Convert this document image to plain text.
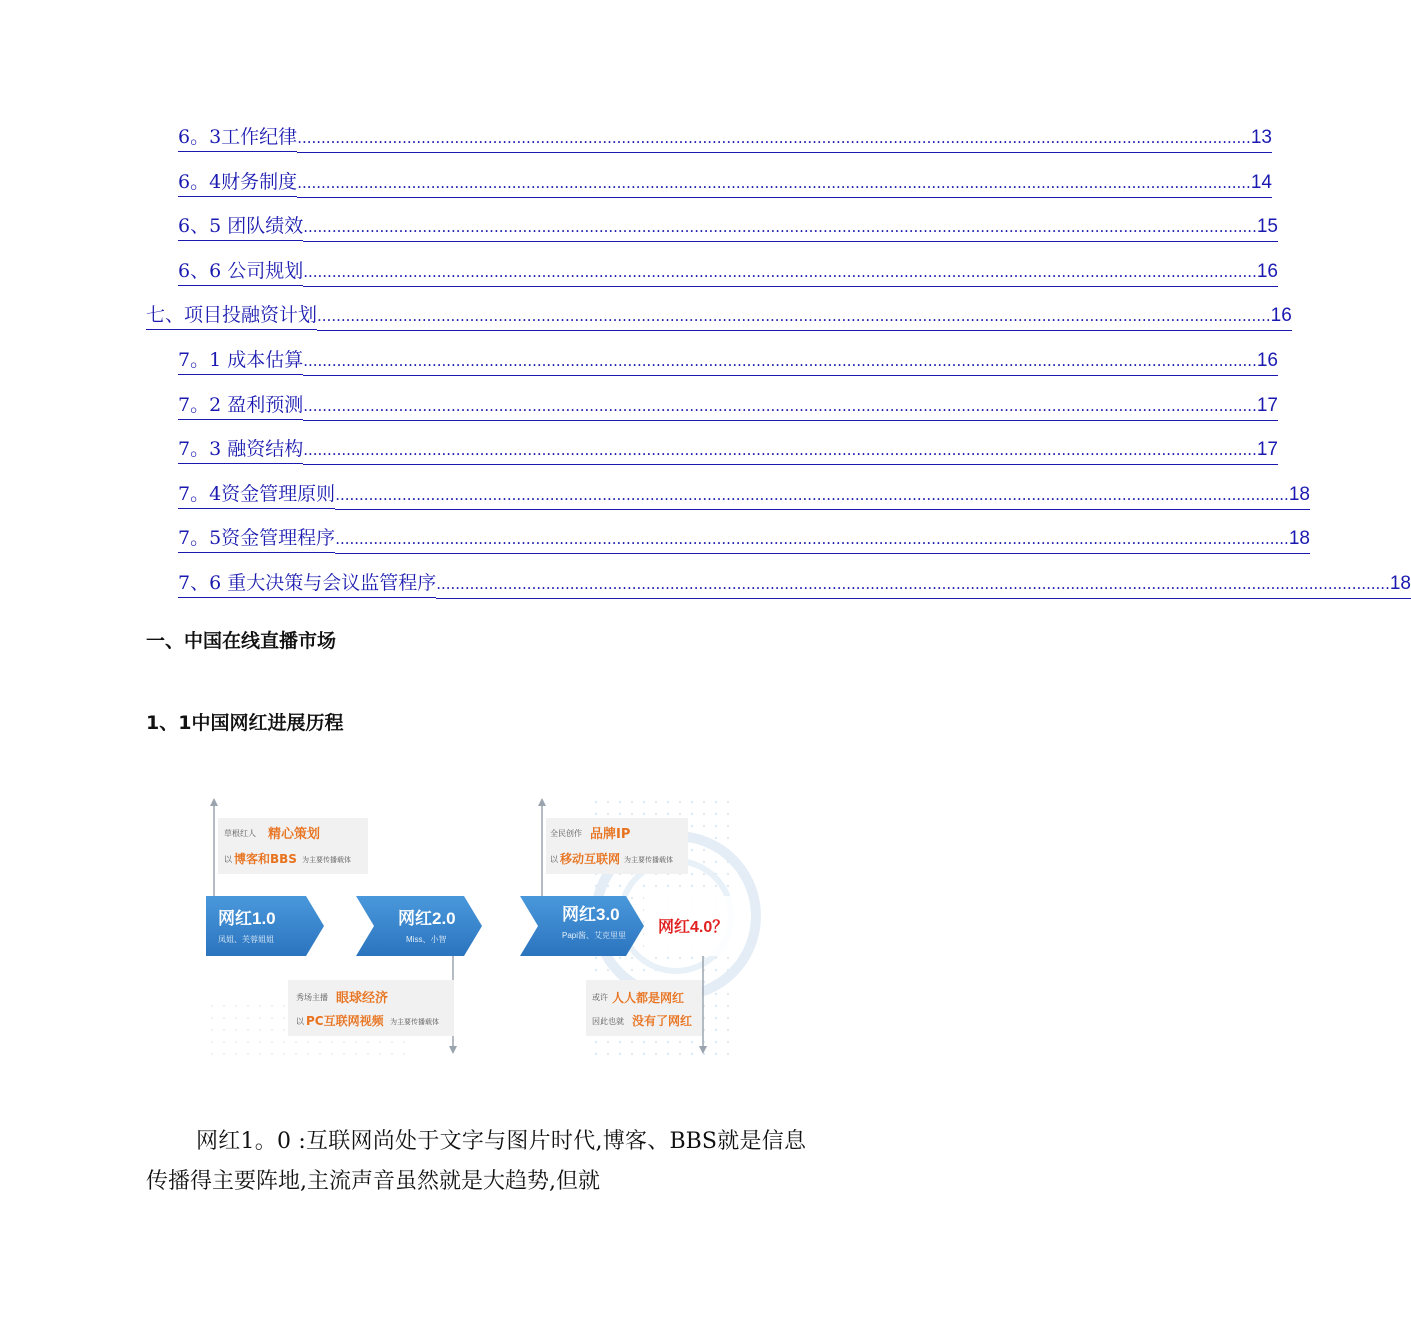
6。3工作纪律 ........................................................................................................................................................................................................ 13
6。4财务制度 ........................................................................................................................................................................................................ 14
6、5 团队绩效 ........................................................................................................................................................................................................ 15
6、6 公司规划 ........................................................................................................................................................................................................ 16
七、项目投融资计划 ........................................................................................................................................................................................................ 16
7。1 成本估算 ........................................................................................................................................................................................................ 16
7。2 盈利预测 ........................................................................................................................................................................................................ 17
7。3 融资结构 ........................................................................................................................................................................................................ 17
7。4资金管理原则 ........................................................................................................................................................................................................ 18
7。5资金管理程序 ........................................................................................................................................................................................................ 18
7、6 重大决策与会议监管程序 ........................................................................................................................................................................................................ 18
一、中国在线直播市场
1、1中国网红进展历程
网红1.0
凤姐、芙蓉姐姐
网红2.0
Miss、小智
网红3.0
Papi酱、艾克里里 网红4.0？
草根红人 精心策划
以 博客和BBS 为主要传播载体
全民创作 品牌IP
以 移动互联网 为主要传播载体
秀场主播 眼球经济
以 PC互联网视频 为主要传播载体
或许 人人都是网红
因此也就 没有了网红

网红1。0 :互联网尚处于文字与图片时代,博客、BBS就是信息传播得主要阵地,主流声音虽然就是大趋势,但就
